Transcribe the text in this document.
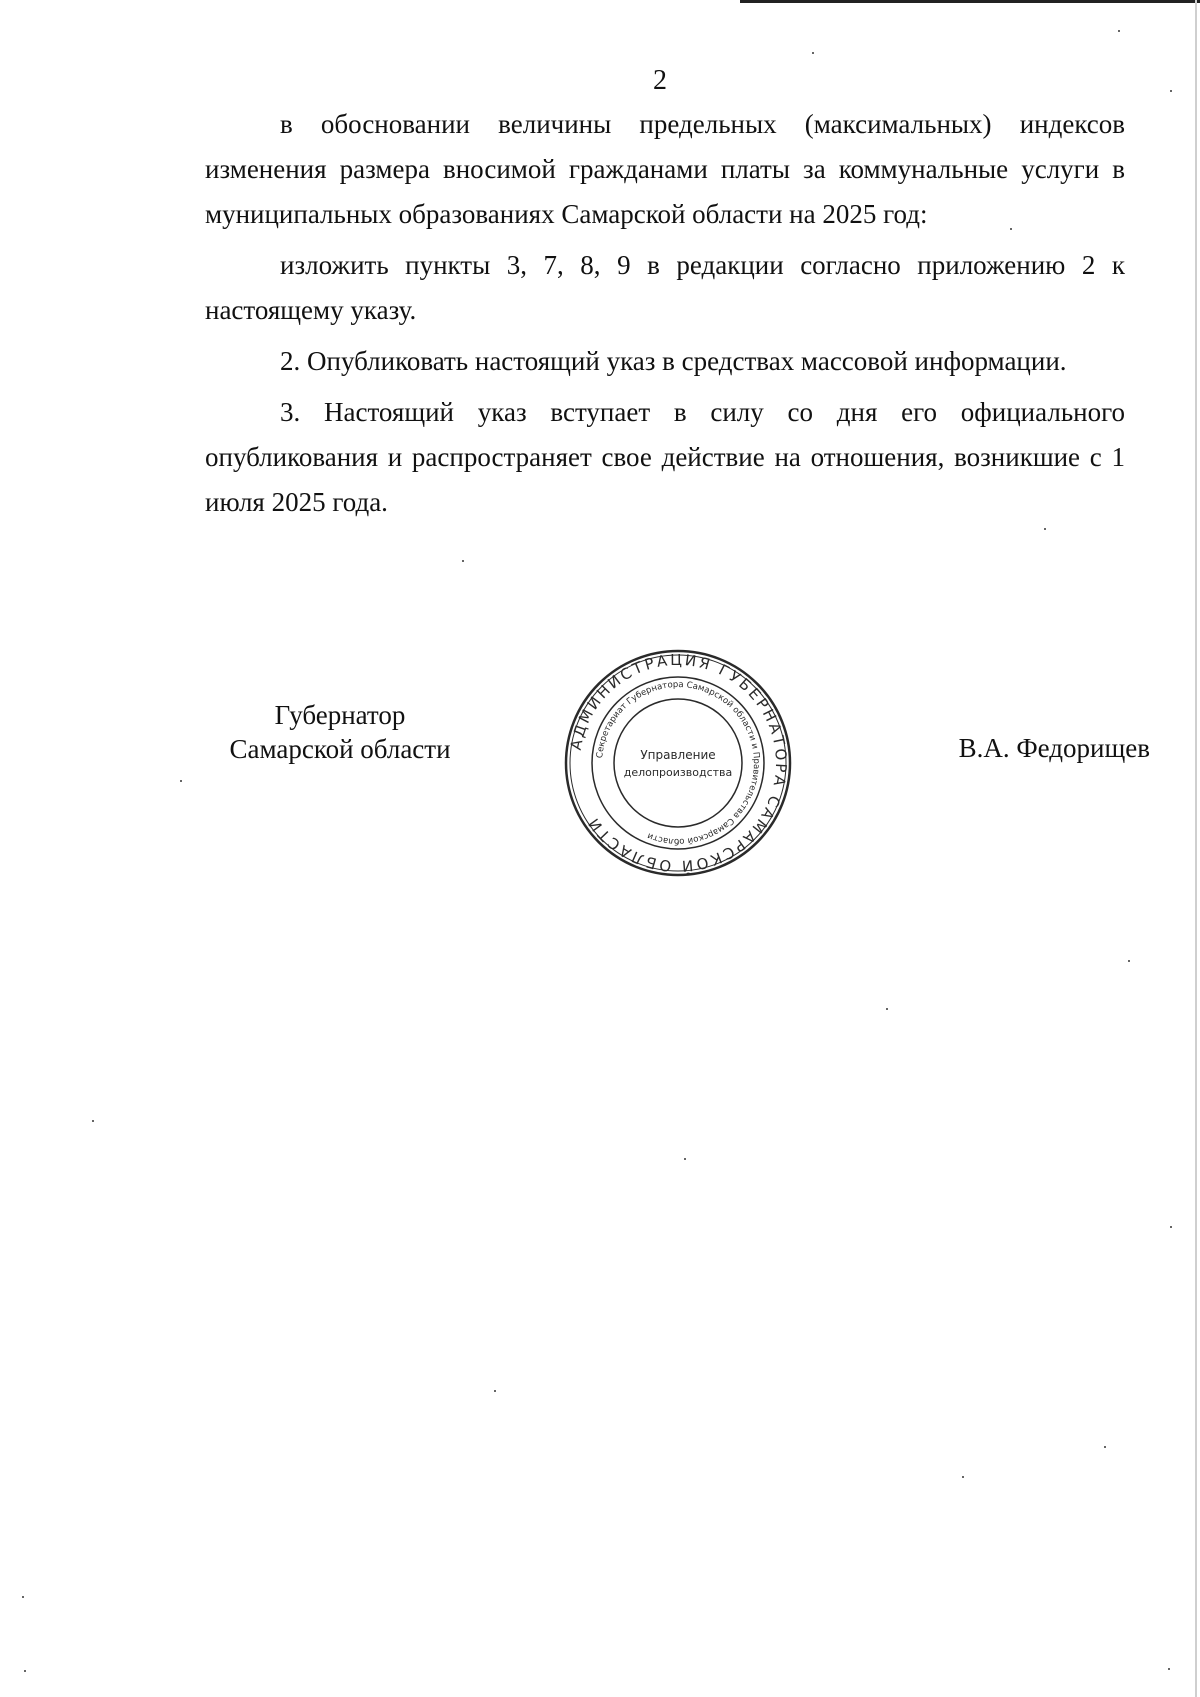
2

в обосновании величины предельных (максимальных) индексов изменения размера вносимой гражданами платы за коммунальные услуги в муниципальных образованиях Самарской области на 2025 год:

изложить пункты 3, 7, 8, 9 в редакции согласно приложению 2 к настоящему указу.

2. Опубликовать настоящий указ в средствах массовой информации.

3. Настоящий указ вступает в силу со дня его официального опубликования и распространяет свое действие на отношения, возникшие с 1 июля 2025 года.

Губернатор
Самарской области	АДМИНИСТРАЦИЯ ГУБЕРНАТОРА САМАРСКОЙ ОБЛАСТИ
Секретариат Губернатора Самарской области и Правительства Самарской области
Управление
делопроизводства
В.А. Федорищев
